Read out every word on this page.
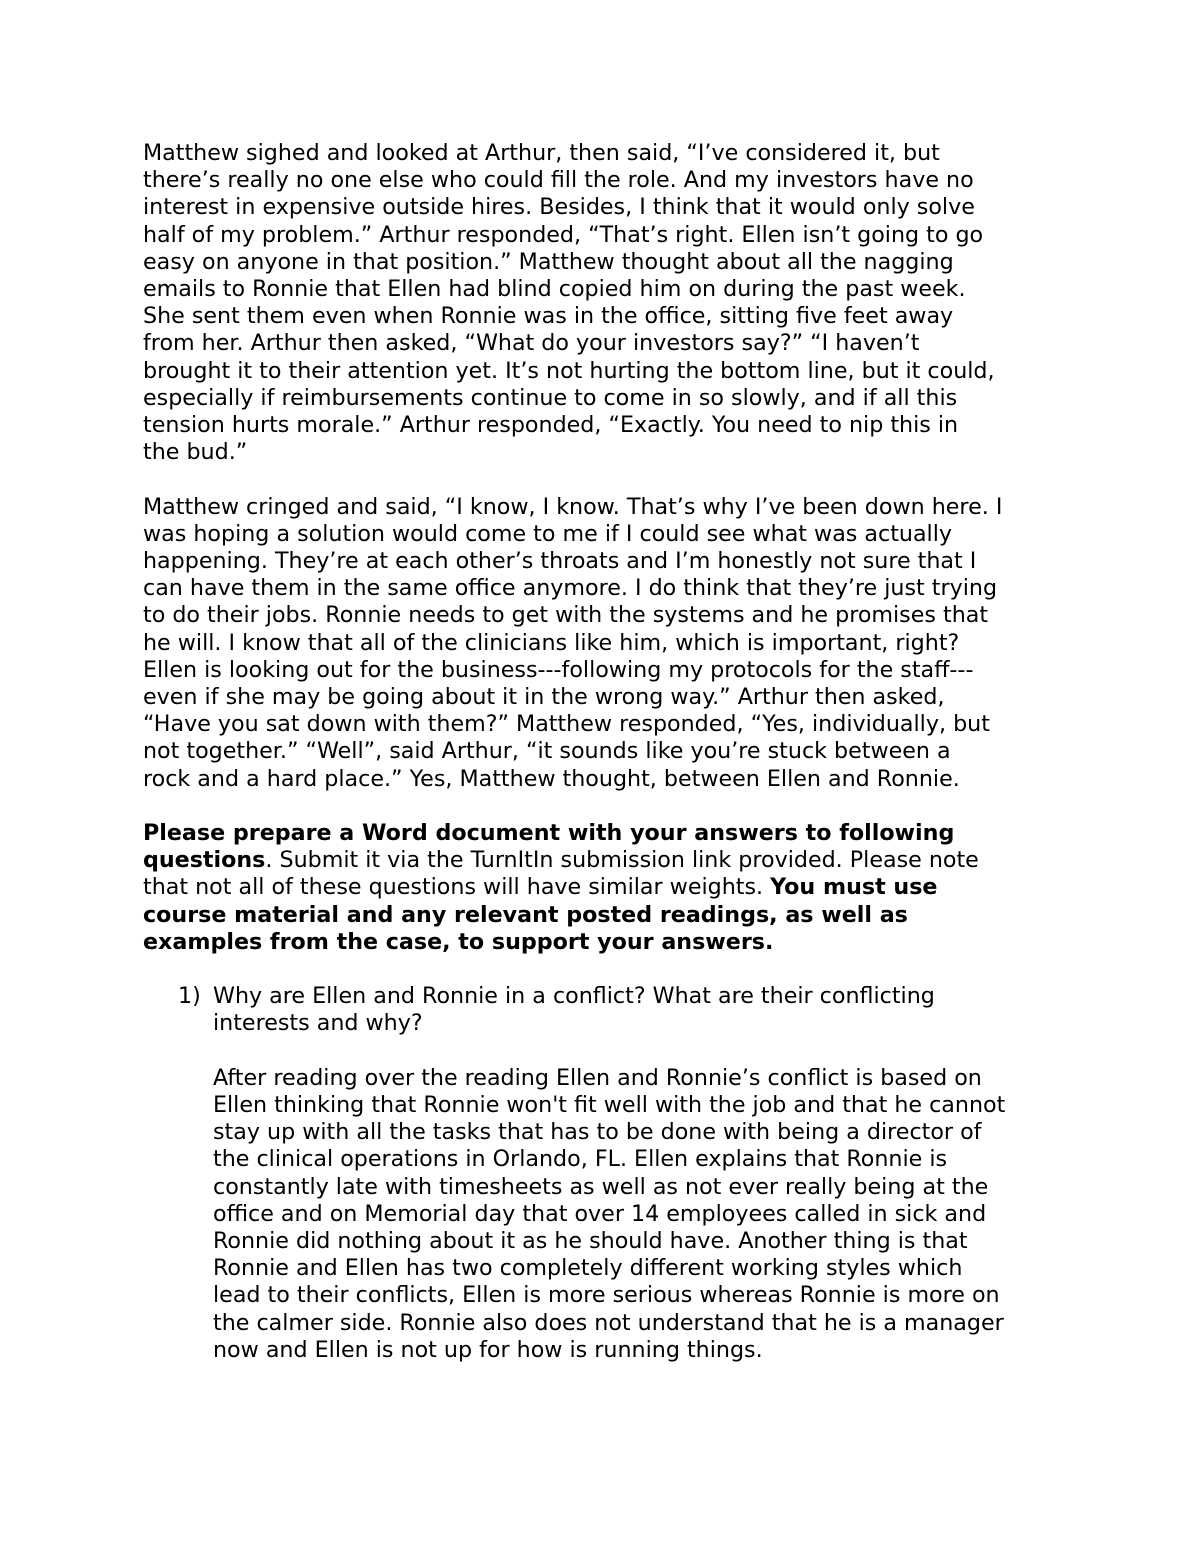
Matthew sighed and looked at Arthur, then said, “I’ve considered it, but
there’s really no one else who could fill the role. And my investors have no
interest in expensive outside hires. Besides, I think that it would only solve
half of my problem.” Arthur responded, “That’s right. Ellen isn’t going to go
easy on anyone in that position.” Matthew thought about all the nagging
emails to Ronnie that Ellen had blind copied him on during the past week.
She sent them even when Ronnie was in the office, sitting five feet away
from her. Arthur then asked, “What do your investors say?” “I haven’t
brought it to their attention yet. It’s not hurting the bottom line, but it could,
especially if reimbursements continue to come in so slowly, and if all this
tension hurts morale.” Arthur responded, “Exactly. You need to nip this in
the bud.”

Matthew cringed and said, “I know, I know. That’s why I’ve been down here. I
was hoping a solution would come to me if I could see what was actually
happening. They’re at each other’s throats and I’m honestly not sure that I
can have them in the same office anymore. I do think that they’re just trying
to do their jobs. Ronnie needs to get with the systems and he promises that
he will. I know that all of the clinicians like him, which is important, right?
Ellen is looking out for the business---following my protocols for the staff---
even if she may be going about it in the wrong way.” Arthur then asked,
“Have you sat down with them?” Matthew responded, “Yes, individually, but
not together.” “Well”, said Arthur, “it sounds like you’re stuck between a
rock and a hard place.” Yes, Matthew thought, between Ellen and Ronnie.

Please prepare a Word document with your answers to following
questions. Submit it via the TurnItIn submission link provided. Please note
that not all of these questions will have similar weights. You must use
course material and any relevant posted readings, as well as
examples from the case, to support your answers.

1) Why are Ellen and Ronnie in a conflict? What are their conflicting
interests and why?

After reading over the reading Ellen and Ronnie’s conflict is based on
Ellen thinking that Ronnie won't fit well with the job and that he cannot
stay up with all the tasks that has to be done with being a director of
the clinical operations in Orlando, FL. Ellen explains that Ronnie is
constantly late with timesheets as well as not ever really being at the
office and on Memorial day that over 14 employees called in sick and
Ronnie did nothing about it as he should have. Another thing is that
Ronnie and Ellen has two completely different working styles which
lead to their conflicts, Ellen is more serious whereas Ronnie is more on
the calmer side. Ronnie also does not understand that he is a manager
now and Ellen is not up for how is running things.
